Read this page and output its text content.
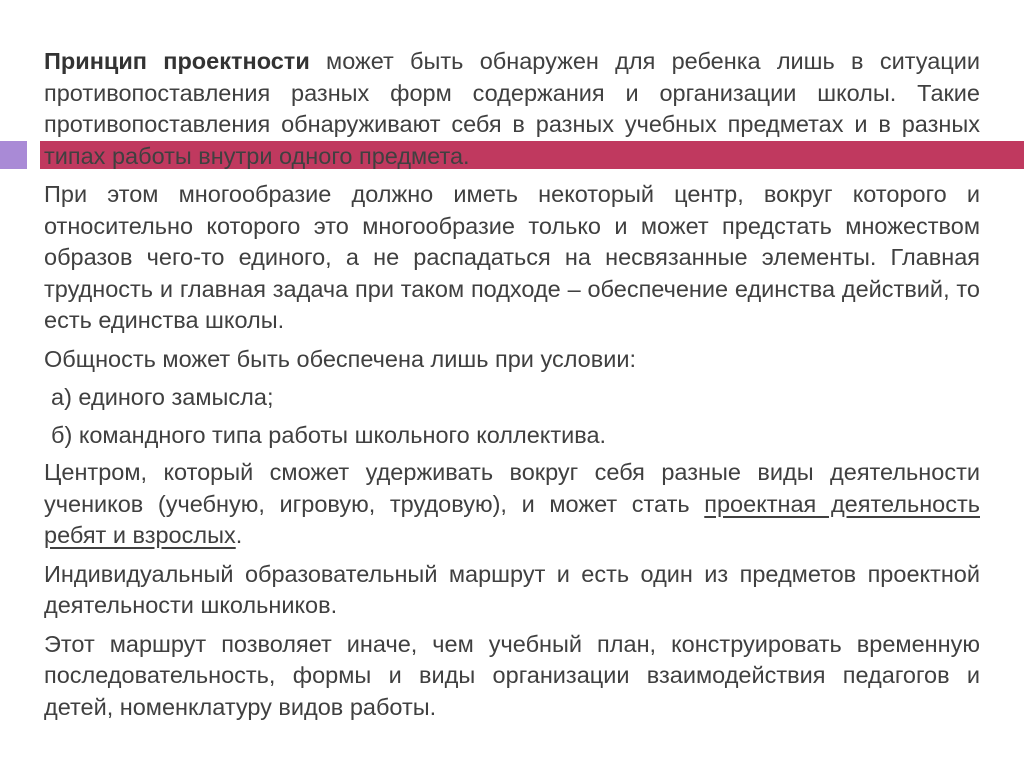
Принцип проектности может быть обнаружен для ребенка лишь в ситуации противопоставления разных форм содержания и организации школы. Такие противопоставления обнаруживают себя в разных учебных предметах и в разных типах работы внутри одного предмета.

При этом многообразие должно иметь некоторый центр, вокруг которого и относительно которого это многообразие только и может предстать множеством образов чего-то единого, а не распадаться на несвязанные элементы. Главная трудность и главная задача при таком подходе – обеспечение единства действий, то есть единства школы.

Общность может быть обеспечена лишь при условии:

а) единого замысла;

б) командного типа работы школьного коллектива.

Центром, который сможет удерживать вокруг себя разные виды деятельности учеников (учебную, игровую, трудовую), и может стать проектная деятельность ребят и взрослых.

Индивидуальный образовательный маршрут и есть один из предметов проектной деятельности школьников.

Этот маршрут позволяет иначе, чем учебный план, конструировать временную последовательность, формы и виды организации взаимодействия педагогов и детей, номенклатуру видов работы.
